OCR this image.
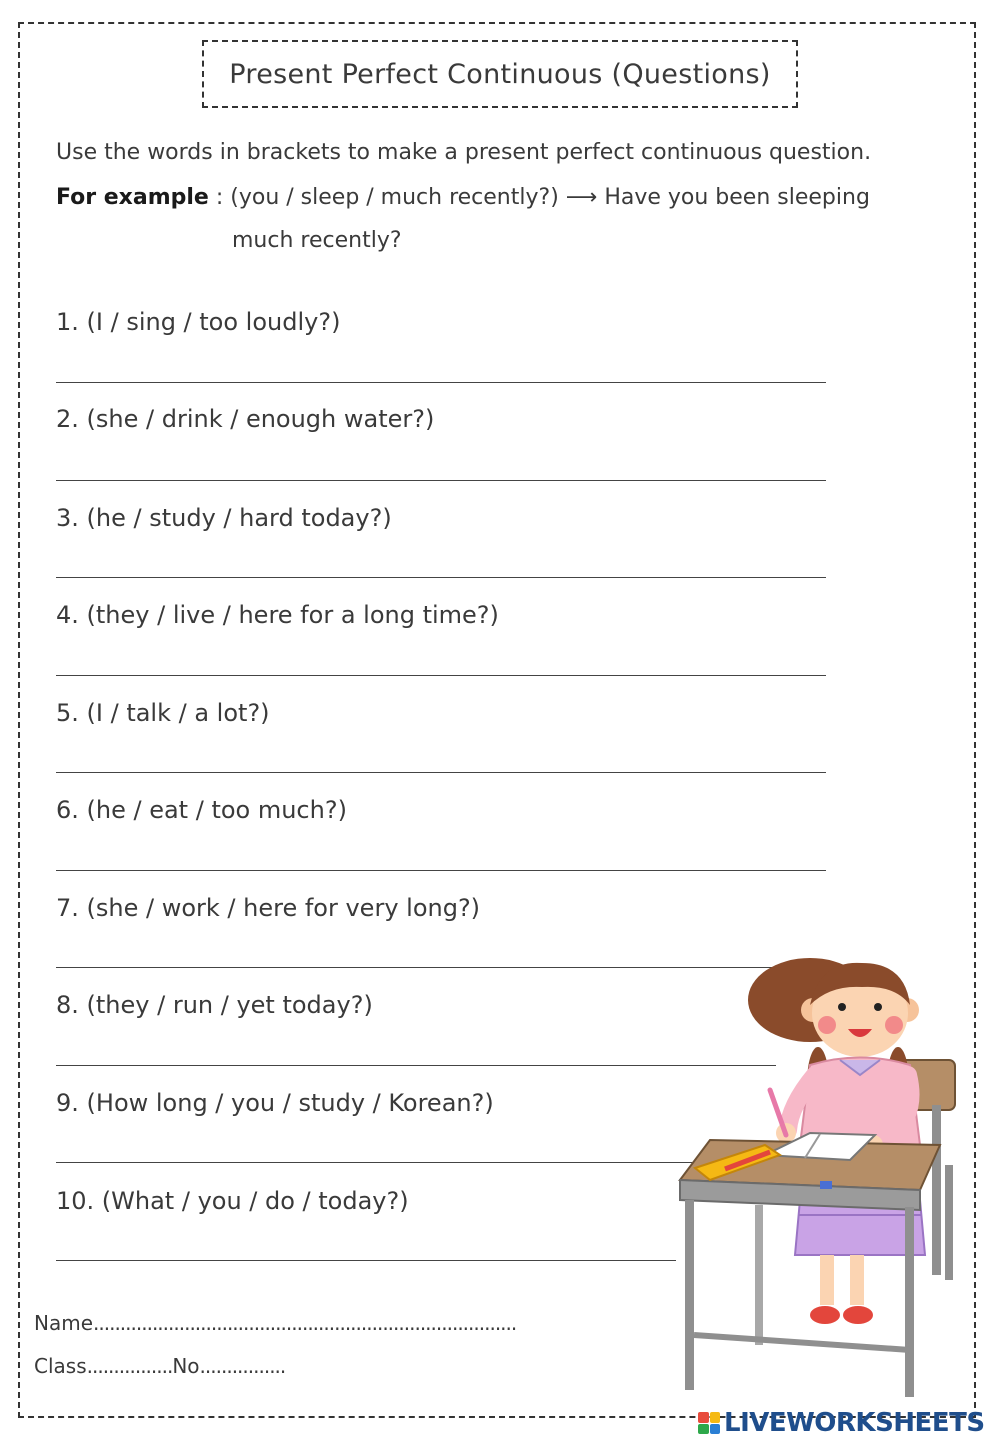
Present Perfect Continuous (Questions)
Use the words in brackets to make a present perfect continuous question.
For example : (you / sleep / much recently?) ⟶ Have you been sleeping
much recently?
1. (I / sing / too loudly?)
2. (she / drink / enough water?)
3. (he / study / hard today?)
4. (they / live / here for a long time?)
5. (I / talk / a lot?)
6. (he / eat / too much?)
7. (she / work / here for very long?)
8. (they / run / yet today?)
9. (How long / you / study / Korean?)
10. (What / you / do / today?)
Name...............................................................................
Class................No................
LIVEWORKSHEETS
